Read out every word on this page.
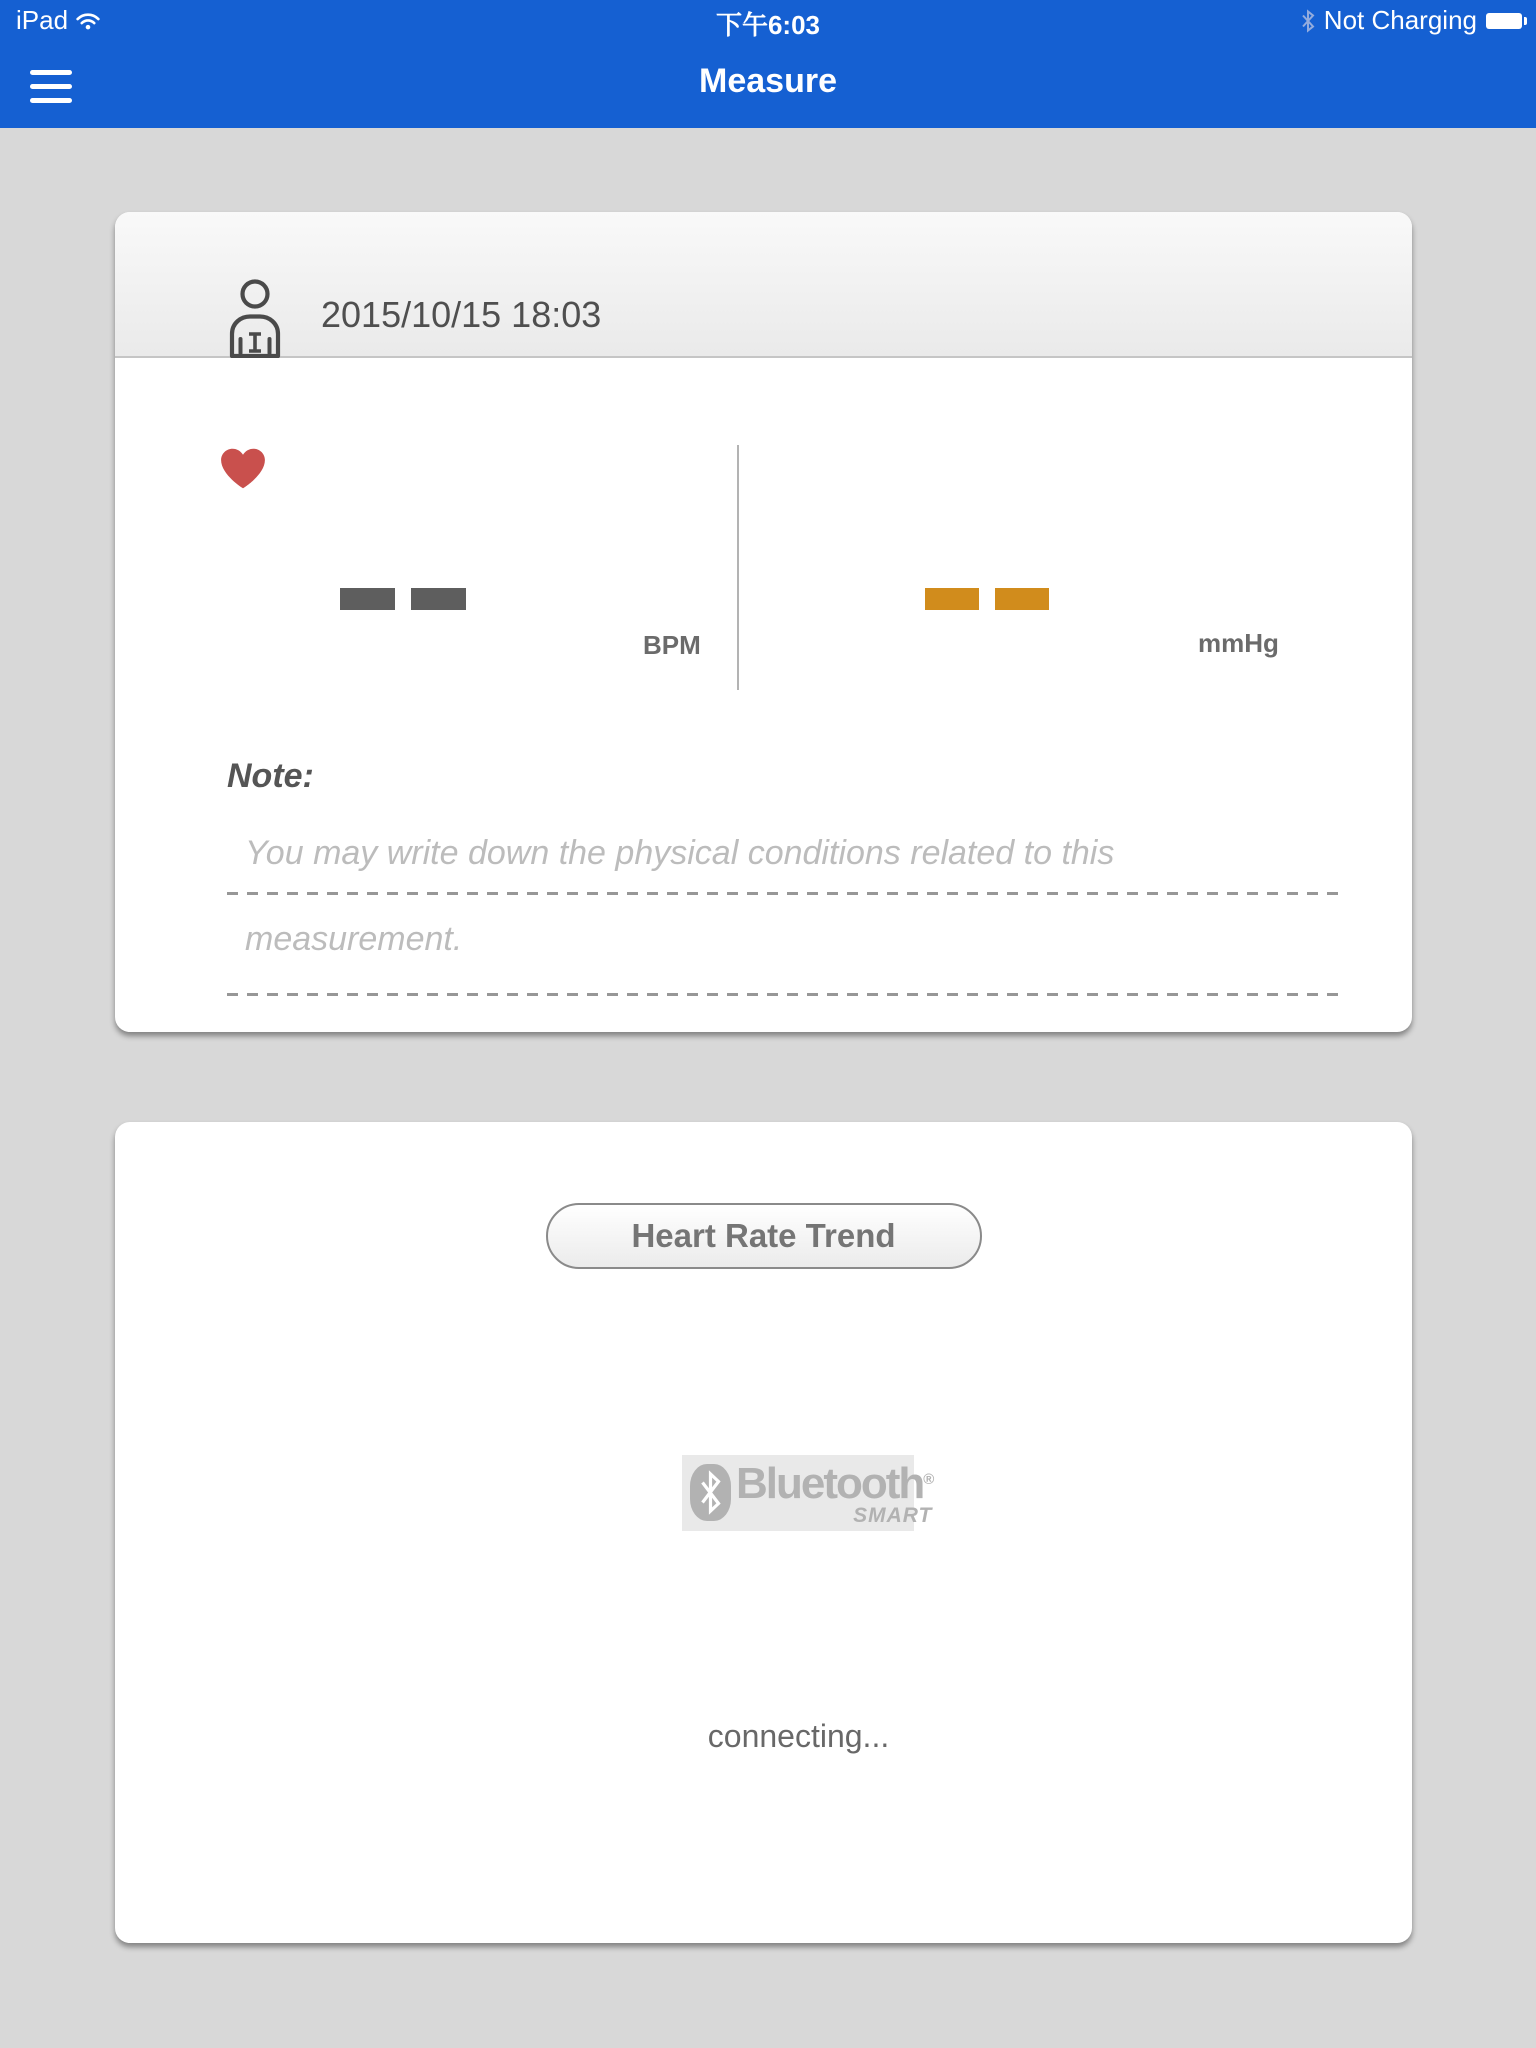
iPad	下午6:03	Not Charging
Measure
2015/10/15 18:03
BPM	mmHg
Note:
You may write down the physical conditions related to this
measurement.
Heart Rate Trend
Bluetooth®
SMART
connecting...
